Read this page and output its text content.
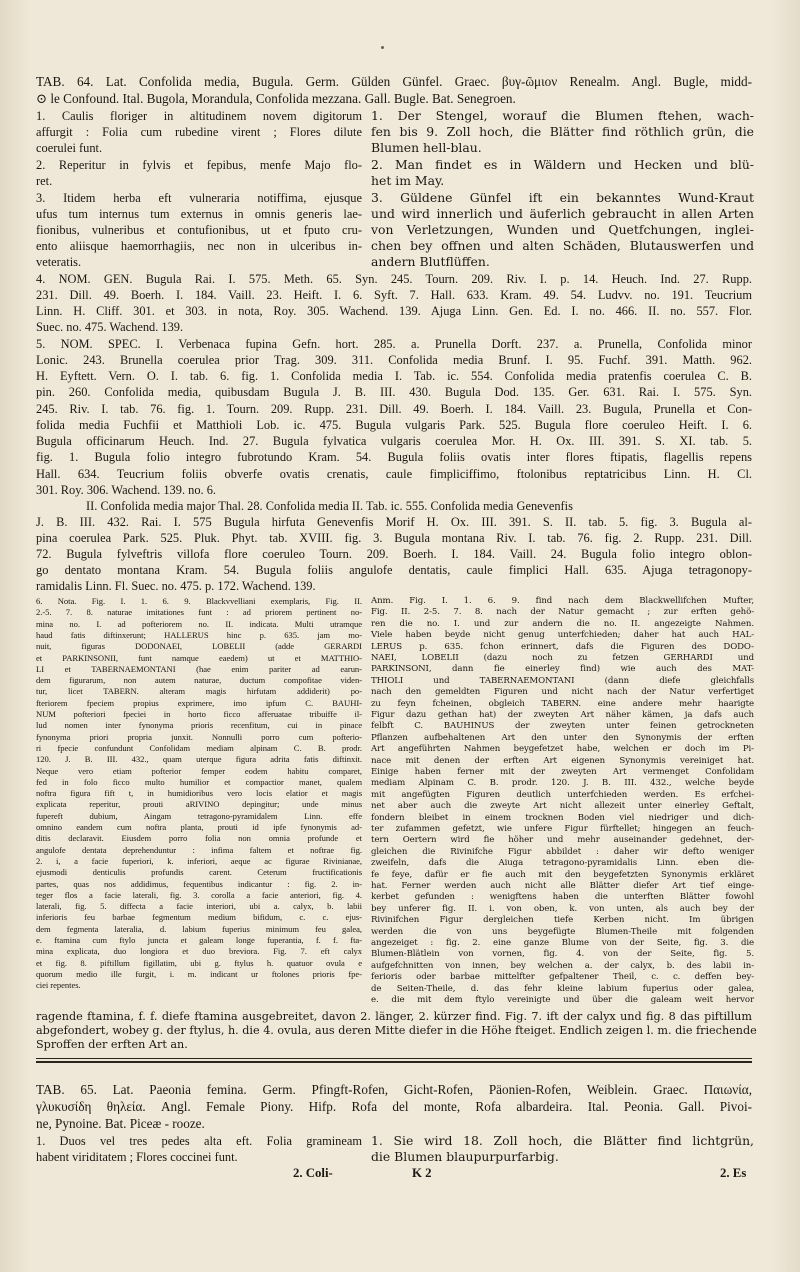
TAB. 64. Lat. Confolida media, Bugula. Germ. Gülden Günfel. Graec. βυγ-ῶμιον Renealm. Angl. Bugle, midd-
⊙ le Confound. Ital. Bugola, Morandula, Confolida mezzana. Gall. Bugle. Bat. Senegroen.
1. Caulis floriger in altitudinem novem digitorum
affurgit : Folia cum rubedine virent ; Flores dilute
coerulei funt.
2. Reperitur in fylvis et fepibus, menfe Majo flo-
ret.
3. Itidem herba eft vulneraria notiffima, ejusque
ufus tum internus tum externus in omnis generis lae-
fionibus, vulneribus et contufionibus, ut et fputo cru-
ento aliisque haemorrhagiis, nec non in ulceribus in-
veteratis.
1. Der Stengel, worauf die Blumen ftehen, wach-
fen bis 9. Zoll hoch, die Blätter find röthlich grün, die
Blumen hell-blau.
2. Man findet es in Wäldern und Hecken und blü-
het im May.
3. Güldene Günfel ift ein bekanntes Wund-Kraut
und wird innerlich und äuferlich gebraucht in allen Arten
von Verletzungen, Wunden und Quetfchungen, inglei-
chen bey offnen und alten Schäden, Blutauswerfen und
andern Blutflüffen.
4. NOM. GEN. Bugula Rai. I. 575. Meth. 65. Syn. 245. Tourn. 209. Riv. I. p. 14. Heuch. Ind. 27. Rupp.
231. Dill. 49. Boerh. I. 184. Vaill. 23. Heift. I. 6. Syft. 7. Hall. 633. Kram. 49. 54. Ludvv. no. 191. Teucrium
Linn. H. Cliff. 301. et 303. in nota, Roy. 305. Wachend. 139. Ajuga Linn. Gen. Ed. I. no. 466. II. no. 557. Flor.
Suec. no. 475. Wachend. 139.
5. NOM. SPEC. I. Verbenaca fupina Gefn. hort. 285. a. Prunella Dorft. 237. a. Prunella, Confolida minor
Lonic. 243. Brunella coerulea prior Trag. 309. 311. Confolida media Brunf. I. 95. Fuchf. 391. Matth. 962.
H. Eyftett. Vern. O. I. tab. 6. fig. 1. Confolida media I. Tab. ic. 554. Confolida media pratenfis coerulea C. B.
pin. 260. Confolida media, quibusdam Bugula J. B. III. 430. Bugula Dod. 135. Ger. 631. Rai. I. 575. Syn.
245. Riv. I. tab. 76. fig. 1. Tourn. 209. Rupp. 231. Dill. 49. Boerh. I. 184. Vaill. 23. Bugula, Prunella et Con-
folida media Fuchfii et Matthioli Lob. ic. 475. Bugula vulgaris Park. 525. Bugula flore coeruleo Heift. I. 6.
Bugula officinarum Heuch. Ind. 27. Bugula fylvatica vulgaris coerulea Mor. H. Ox. III. 391. S. XI. tab. 5.
fig. 1. Bugula folio integro fubrotundo Kram. 54. Bugula foliis ovatis inter flores ftipatis, flagellis repens
Hall. 634. Teucrium foliis obverfe ovatis crenatis, caule fimpliciffimo, ftolonibus reptatricibus Linn. H. Cl.
301. Roy. 306. Wachend. 139. no. 6.
II. Confolida media major Thal. 28. Confolida media II. Tab. ic. 555. Confolida media Genevenfis
J. B. III. 432. Rai. I. 575 Bugula hirfuta Genevenfis Morif H. Ox. III. 391. S. II. tab. 5. fig. 3. Bugula al-
pina coerulea Park. 525. Pluk. Phyt. tab. XVIII. fig. 3. Bugula montana Riv. I. tab. 76. fig. 2. Rupp. 231. Dill.
72. Bugula fylveftris villofa flore coeruleo Tourn. 209. Boerh. I. 184. Vaill. 24. Bugula folio integro oblon-
go dentato montana Kram. 54. Bugula foliis angulofe dentatis, caule fimplici Hall. 635. Ajuga tetragonopy-
ramidalis Linn. Fl. Suec. no. 475. p. 172. Wachend. 139.
6. Nota. Fig. I. 1. 6. 9. Blackvvelliani exemplaris, Fig. II.
2.-5. 7. 8. naturae imitationes funt : ad priorem pertinent no-
mina no. I. ad pofteriorem no. II. indicata. Multi utramque
haud fatis diftinxerunt; HALLERUS hinc p. 635. jam mo-
nuit, figuras DODONAEI, LOBELII (adde GERARDI
et PARKINSONII, funt namque eaedem) ut et MATTHIO-
LI et TABERNAEMONTANI (hae enim pariter ad earun-
dem figurarum, non autem naturae, ductum compofitae viden-
tur, licet TABERN. alteram magis hirfutam addiderit) po-
fteriorem fpeciem propius exprimere, imo ipfum C. BAUHI-
NUM pofteriori fpeciei in horto ficco afferuatae tribuiffe il-
lud nomen inter fynonyma prioris recenfitum, cui in pinace
fynonyma priori propria junxit. Nonnulli porro cum pofterio-
ri fpecie confundunt Confolidam mediam alpinam C. B. prodr.
120. J. B. III. 432., quam uterque figura adrita fatis diftinxit.
Neque vero etiam pofterior femper eodem habitu comparet,
fed in folo ficco multo humilior et compactior manet, qualem
noftra figura fift t, in humidioribus vero locis elatior et magis
explicata reperitur, prouti aRIVINO depingitur; unde minus
fupereft dubium, Aingam tetragono-pyramidalem Linn. effe
omnino eandem cum noftra planta, prouti id ipfe fynonymis ad-
ditis declaravit. Eiusdem porro folia non omnia profunde et
angulofe dentata deprehenduntur : infima faltem et noftrae fig.
2. i, a facie fuperiori, k. inferiori, aeque ac figurae Rivinianae,
ejusmodi denticulis profundis carent. Ceterum fructificationis
partes, quas nos addidimus, fequentibus indicantur : fig. 2. in-
teger flos a facie laterali, fig. 3. corolla a facie anteriori, fig. 4.
laterali, fig. 5. diffecta a facie interiori, ubi a. calyx, b. labii
inferioris feu barbae fegmentum medium bifidum, c. c. ejus-
dem fegmenta lateralia, d. labium fuperius minimum feu galea,
e. ftamina cum ftylo juncta et galeam longe fuperantia, f. f. fta-
mina explicata, duo longiora et duo breviora. Fig. 7. eft calyx
et fig. 8. piftillum figillatim, ubi g. ftylus h. quatuor ovula e
quorum medio ille furgit, i. m. indicant ur ftolones prioris fpe-
ciei repentes.
Anm. Fig. I. 1. 6. 9. find nach dem Blackwellifchen Mufter,
Fig. II. 2-5. 7. 8. nach der Natur gemacht ; zur erften gehö-
ren die no. I. und zur andern die no. II. angezeigte Nahmen.
Viele haben beyde nicht genug unterfchieden; daher hat auch HAL-
LERUS p. 635. fchon erinnert, dafs die Figuren des DODO-
NAEI, LOBELII (dazu noch zu fetzen GERHARDI und
PARKINSONI, dann fie einerley find) wie auch des MAT-
THIOLI und TABERNAEMONTANI (dann diefe gleichfalls
nach den gemeldten Figuren und nicht nach der Natur verfertiget
zu feyn fcheinen, obgleich TABERN. eine andere mehr haarigte
Figur dazu gethan hat) der zweyten Art näher kämen, ja dafs auch
felbft C. BAUHINUS der zweyten unter feinen getrockneten
Pflanzen aufbehaltenen Art den unter den Synonymis der erften
Art angeführten Nahmen beygefetzet habe, welchen er doch im Pi-
nace mit denen der erften Art eigenen Synonymis vereiniget hat.
Einige haben ferner mit der zweyten Art vermenget Confolidam
mediam Alpinam C. B. prodr. 120. J. B. III. 432., welche beyde
mit angefügten Figuren deutlich unterfchieden werden. Es erfchei-
net aber auch die zweyte Art nicht allezeit unter einerley Geftalt,
fondern bleibet in einem trocknen Boden viel niedriger und dich-
ter zufammen gefetzt, wie unfere Figur fürftellet; hingegen an feuch-
tern Oertern wird fie höher und mehr auseinander gedehnet, der-
gleichen die Rivinifche Figur abbildet : daher wir defto weniger
zweifeln, dafs die Aiuga tetragono-pyramidalis Linn. eben die-
fe feye, dafür er fie auch mit den beygefetzten Synonymis erkläret
hat. Ferner werden auch nicht alle Blätter diefer Art tief einge-
kerbet gefunden : wenigftens haben die unterften Blätter fowohl
bey unferer fig. II. i. von oben, k. von unten, als auch bey der
Rivinifchen Figur dergleichen tiefe Kerben nicht. Im übrigen
werden die von uns beygefügte Blumen-Theile mit folgenden
angezeiget : fig. 2. eine ganze Blume von der Seite, fig. 3. die
Blumen-Blätlein von vornen, fig. 4. von der Seite, fig. 5.
aufgefchnitten von innen, bey welchen a. der calyx, b. des labii in-
ferioris oder barbae mittelfter gefpaltener Theil, c. c. deffen bey-
de Seiten-Theile, d. das fehr kleine labium fuperius oder galea,
e. die mit dem ftylo vereinigte und über die galeam weit hervor
ragende ftamina, f. f. diefe ftamina ausgebreitet, davon 2. länger, 2. kürzer find. Fig. 7. ift der calyx und fig. 8 das piftillum
abgefondert, wobey g. der ftylus, h. die 4. ovula, aus deren Mitte diefer in die Höhe fteiget. Endlich zeigen l. m. die friechende
Sproffen der erften Art an.
TAB. 65. Lat. Paeonia femina. Germ. Pfingft-Rofen, Gicht-Rofen, Päonien-Rofen, Weiblein. Graec. Παιωνία,
γλυκυσίδη θηλεία. Angl. Female Piony. Hifp. Rofa del monte, Rofa albardeira. Ital. Peonia. Gall. Pivoi-
ne, Pynoine. Bat. Piceæ - rooze.
1. Duos vel tres pedes alta eft. Folia gramineam
habent viriditatem ; Flores coccinei funt.
1. Sie wird 18. Zoll hoch, die Blätter find lichtgrün,
die Blumen blaupurpurfarbig.
2. Coli-	K 2	2. Es
